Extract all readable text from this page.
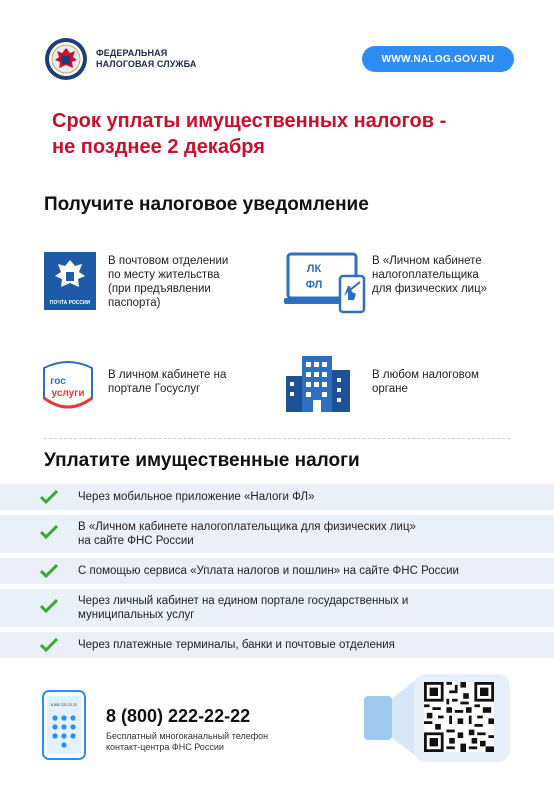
ФЕДЕРАЛЬНАЯ
НАЛОГОВАЯ СЛУЖБА	WWW.NALOG.GOV.RU
Срок уплаты имущественных налогов -
не позднее 2 декабря
Получите налоговое уведомление
ПОЧТА РОССИИ
В почтовом отделении
по месту жительства
(при предъявлении
паспорта)
ЛК
ФЛ
В «Личном кабинете
налогоплательщика
для физических лиц»
гос
услуги
В личном кабинете на
портале Госуслуг
В любом налоговом
органе
Уплатите имущественные налоги
Через мобильное приложение «Налоги ФЛ»
В «Личном кабинете налогоплательщика для физических лиц»
на сайте ФНС России
С помощью сервиса «Уплата налогов и пошлин» на сайте ФНС России
Через личный кабинет на едином портале государственных и
муниципальных услуг
Через платежные терминалы, банки и почтовые отделения
8 800 222 22 22
8 (800) 222-22-22
Бесплатный многоканальный телефон
контакт-центра ФНС России
